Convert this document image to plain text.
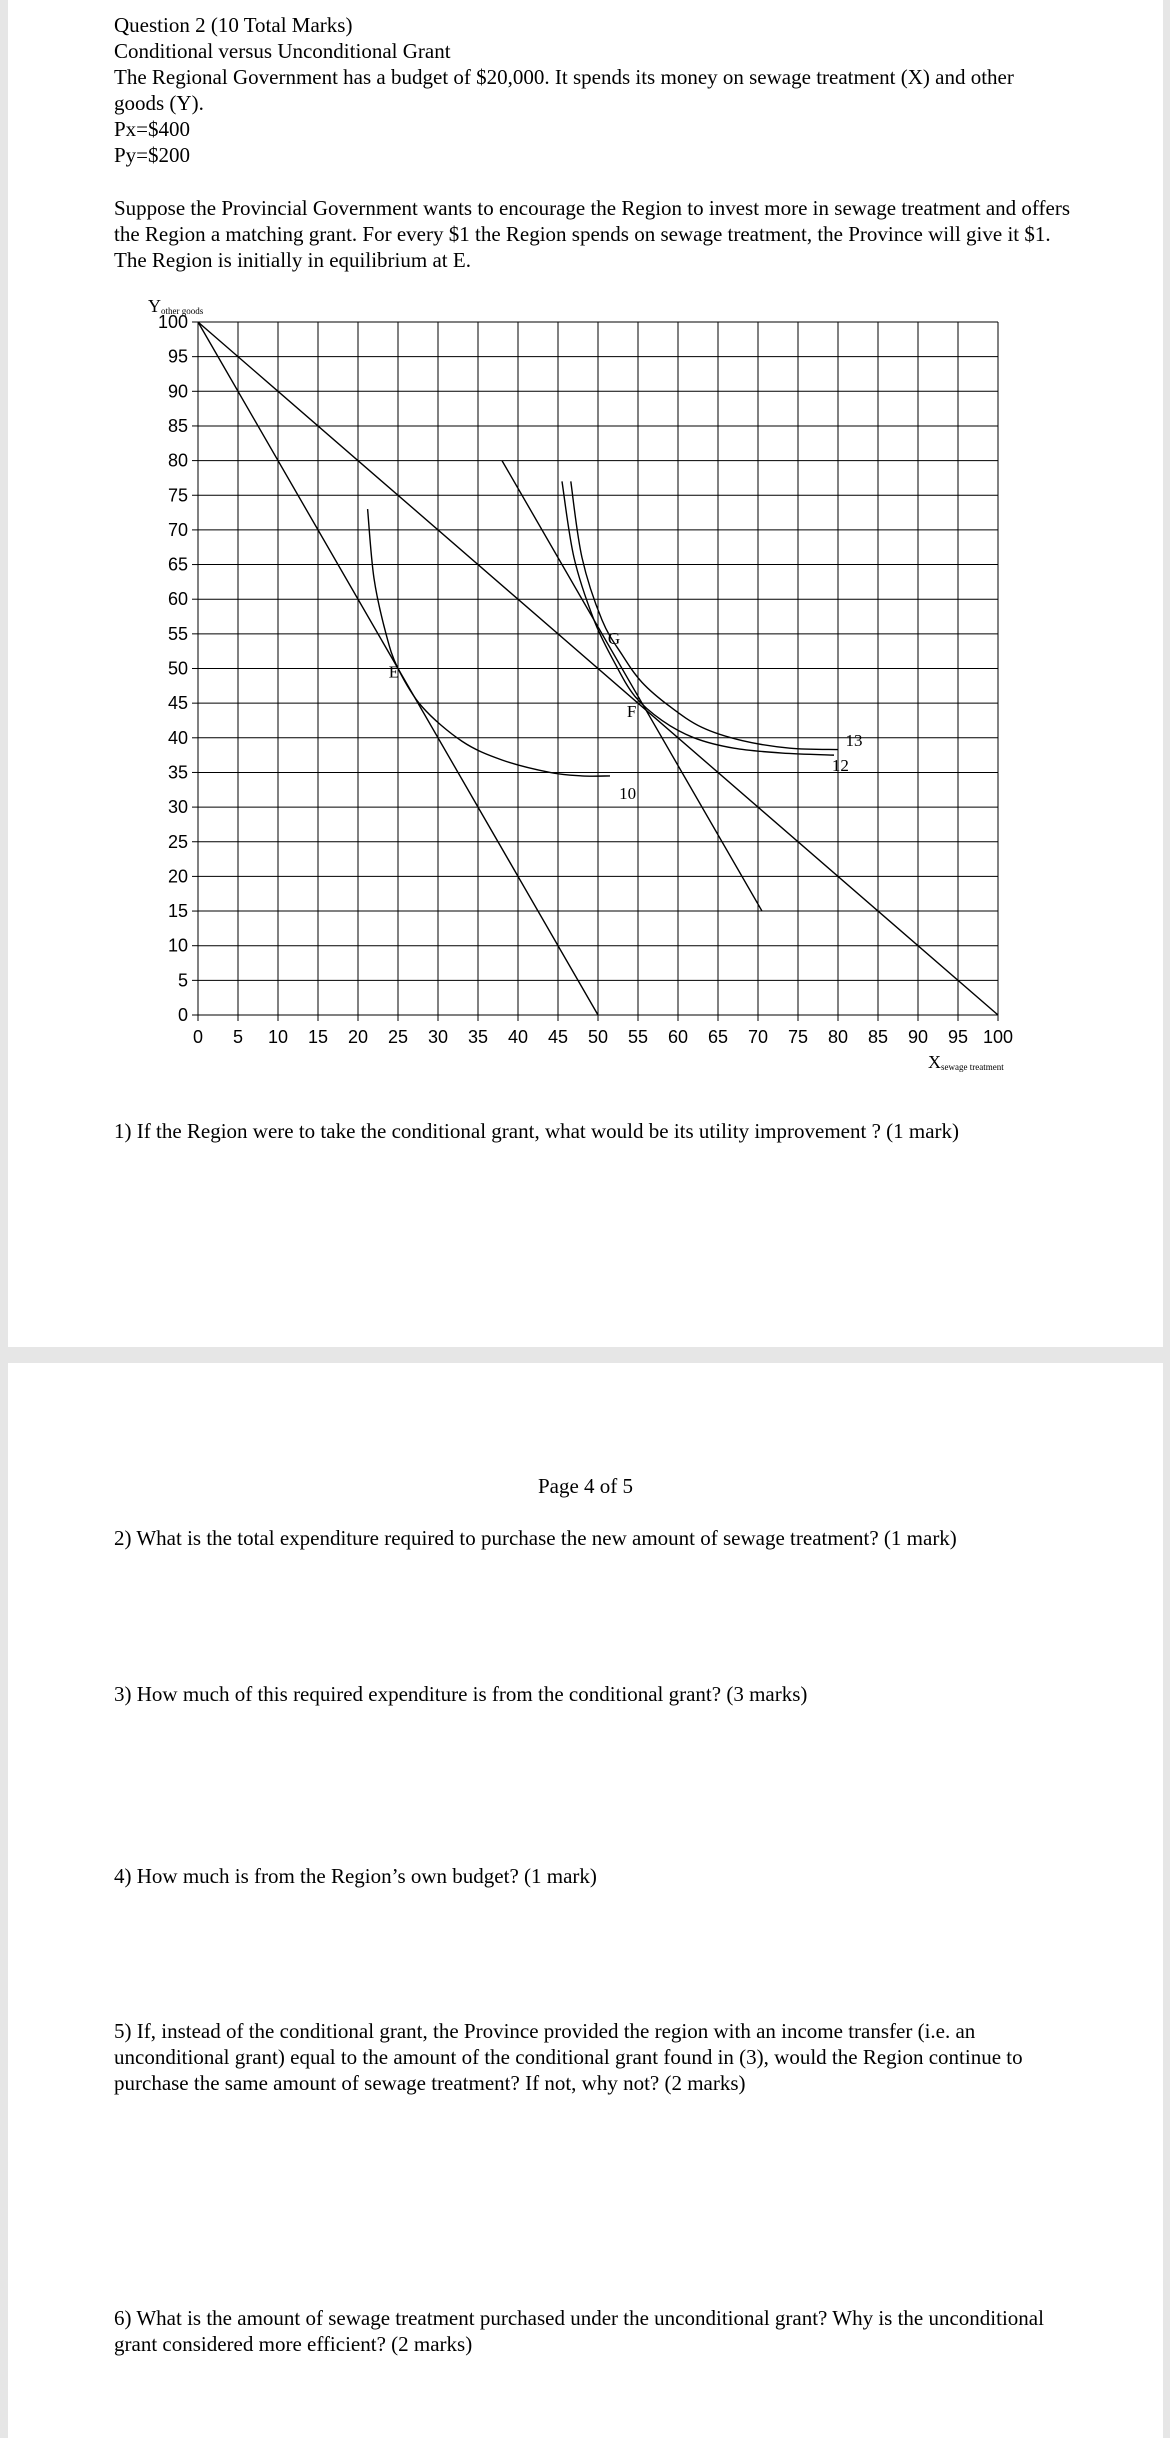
Question 2 (10 Total Marks)
Conditional versus Unconditional Grant
The Regional Government has a budget of $20,000. It spends its money on sewage treatment (X) and other goods (Y).
Px=$400
Py=$200
Suppose the Provincial Government wants to encourage the Region to invest more in sewage treatment and offers the Region a matching grant. For every $1 the Region spends on sewage treatment, the Province will give it $1. The Region is initially in equilibrium at E.
0 5 10 15 20 25 30 35 40 45 50 55 60 65 70 75 80 85 90 95 100
0
5
10
15
20
25
30
35
40
45
50
55
60
65
70
75
80
85
90
95
100
Yother goods
Xsewage treatment
E
G
F
10
12
13
1) If the Region were to take the conditional grant, what would be its utility improvement ? (1 mark)
Page 4 of 5
2) What is the total expenditure required to purchase the new amount of sewage treatment? (1 mark)
3) How much of this required expenditure is from the conditional grant? (3 marks)
4) How much is from the Region’s own budget? (1 mark)
5) If, instead of the conditional grant, the Province provided the region with an income transfer (i.e. an unconditional grant) equal to the amount of the conditional grant found in (3), would the Region continue to purchase the same amount of sewage treatment? If not, why not? (2 marks)
6) What is the amount of sewage treatment purchased under the unconditional grant? Why is the unconditional grant considered more efficient? (2 marks)
